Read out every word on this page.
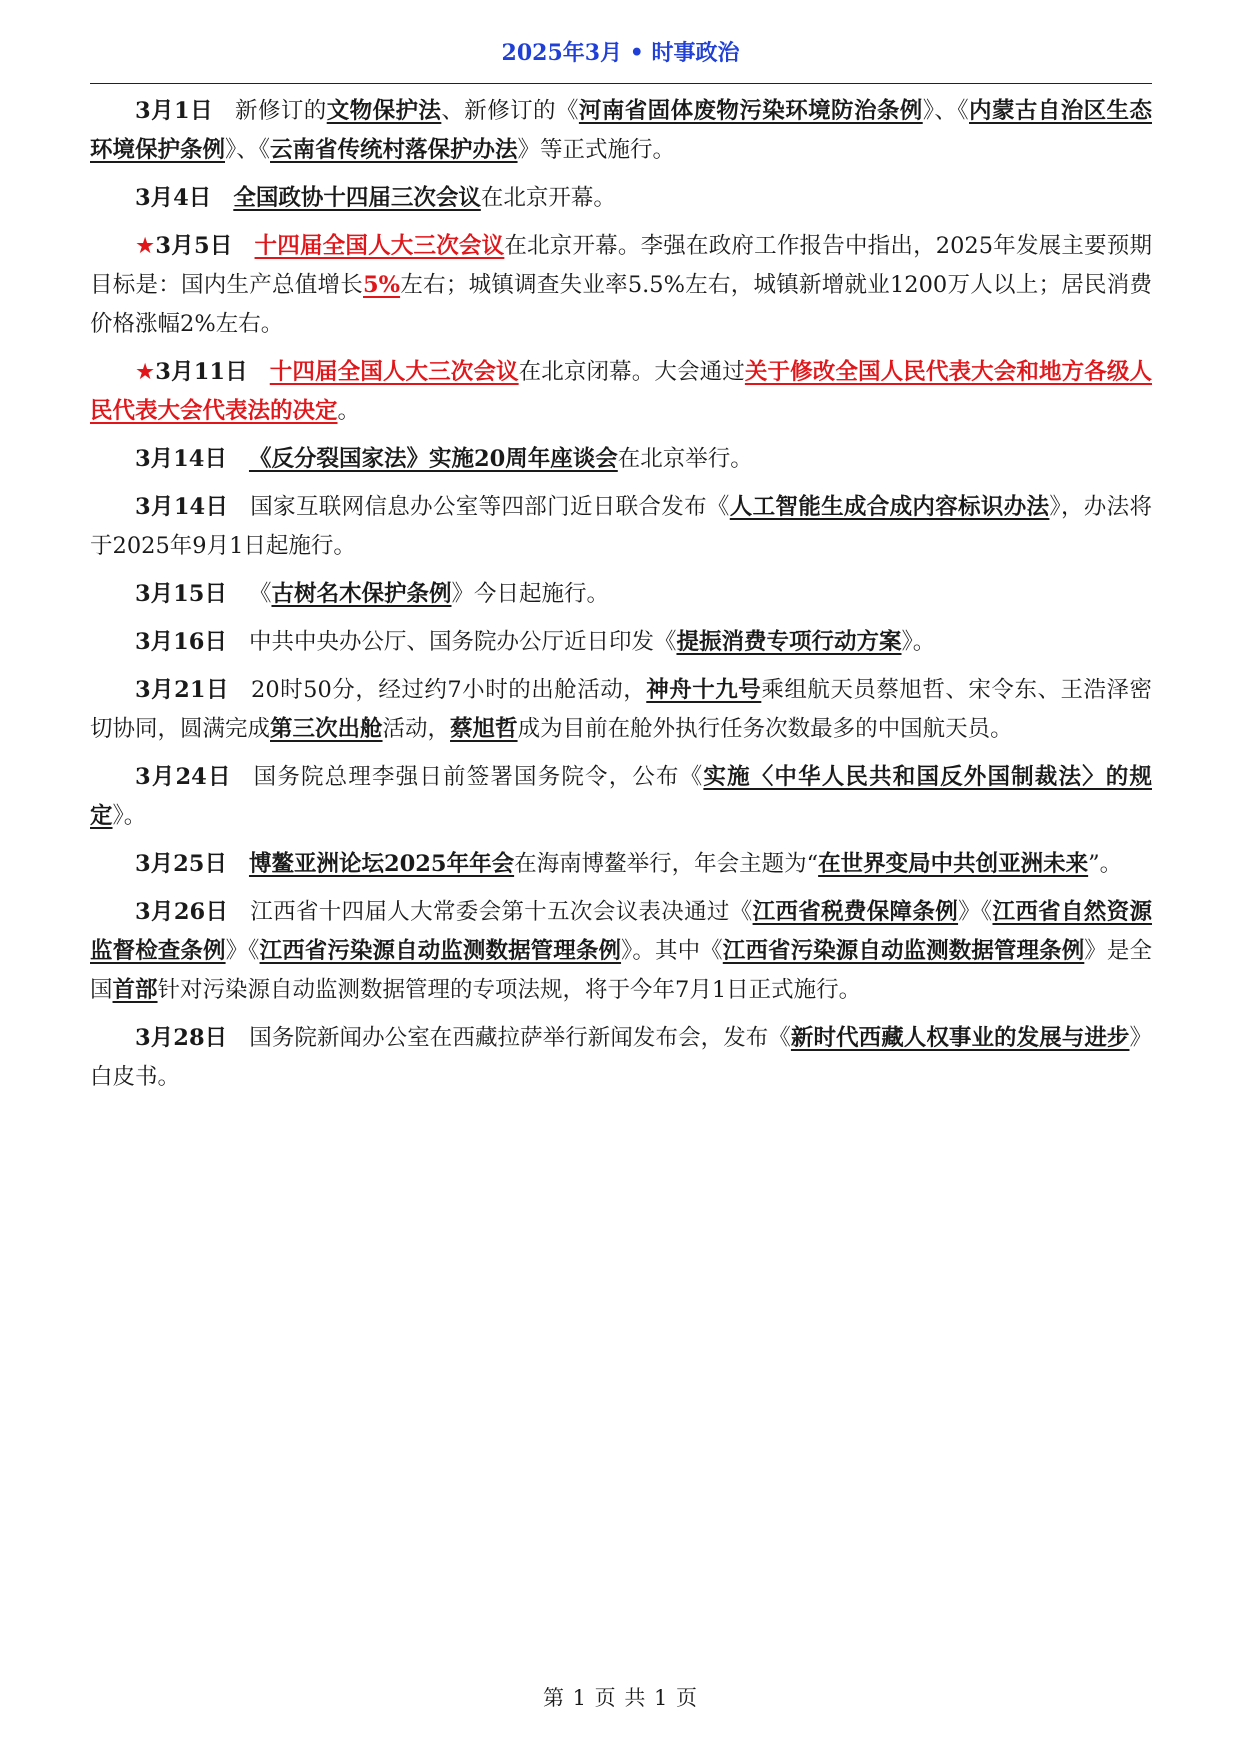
2025年3月 • 时事政治

3月1日 新修订的文物保护法、新修订的《河南省固体废物污染环境防治条例》、《内蒙古自治区生态环境保护条例》、《云南省传统村落保护办法》等正式施行。

3月4日 全国政协十四届三次会议在北京开幕。

★3月5日 十四届全国人大三次会议在北京开幕。李强在政府工作报告中指出，2025年发展主要预期目标是：国内生产总值增长5%左右；城镇调查失业率5.5%左右，城镇新增就业1200万人以上；居民消费价格涨幅2%左右。

★3月11日 十四届全国人大三次会议在北京闭幕。大会通过关于修改全国人民代表大会和地方各级人民代表大会代表法的决定。

3月14日 《反分裂国家法》实施20周年座谈会在北京举行。

3月14日 国家互联网信息办公室等四部门近日联合发布《人工智能生成合成内容标识办法》，办法将于2025年9月1日起施行。

3月15日 《古树名木保护条例》今日起施行。

3月16日 中共中央办公厅、国务院办公厅近日印发《提振消费专项行动方案》。

3月21日 20时50分，经过约7小时的出舱活动，神舟十九号乘组航天员蔡旭哲、宋令东、王浩泽密切协同，圆满完成第三次出舱活动，蔡旭哲成为目前在舱外执行任务次数最多的中国航天员。

3月24日 国务院总理李强日前签署国务院令，公布《实施〈中华人民共和国反外国制裁法〉的规定》。

3月25日 博鳌亚洲论坛2025年年会在海南博鳌举行，年会主题为“在世界变局中共创亚洲未来”。

3月26日 江西省十四届人大常委会第十五次会议表决通过《江西省税费保障条例》《江西省自然资源监督检查条例》《江西省污染源自动监测数据管理条例》。其中《江西省污染源自动监测数据管理条例》是全国首部针对污染源自动监测数据管理的专项法规，将于今年7月1日正式施行。

3月28日 国务院新闻办公室在西藏拉萨举行新闻发布会，发布《新时代西藏人权事业的发展与进步》白皮书。

第 1 页 共 1 页
